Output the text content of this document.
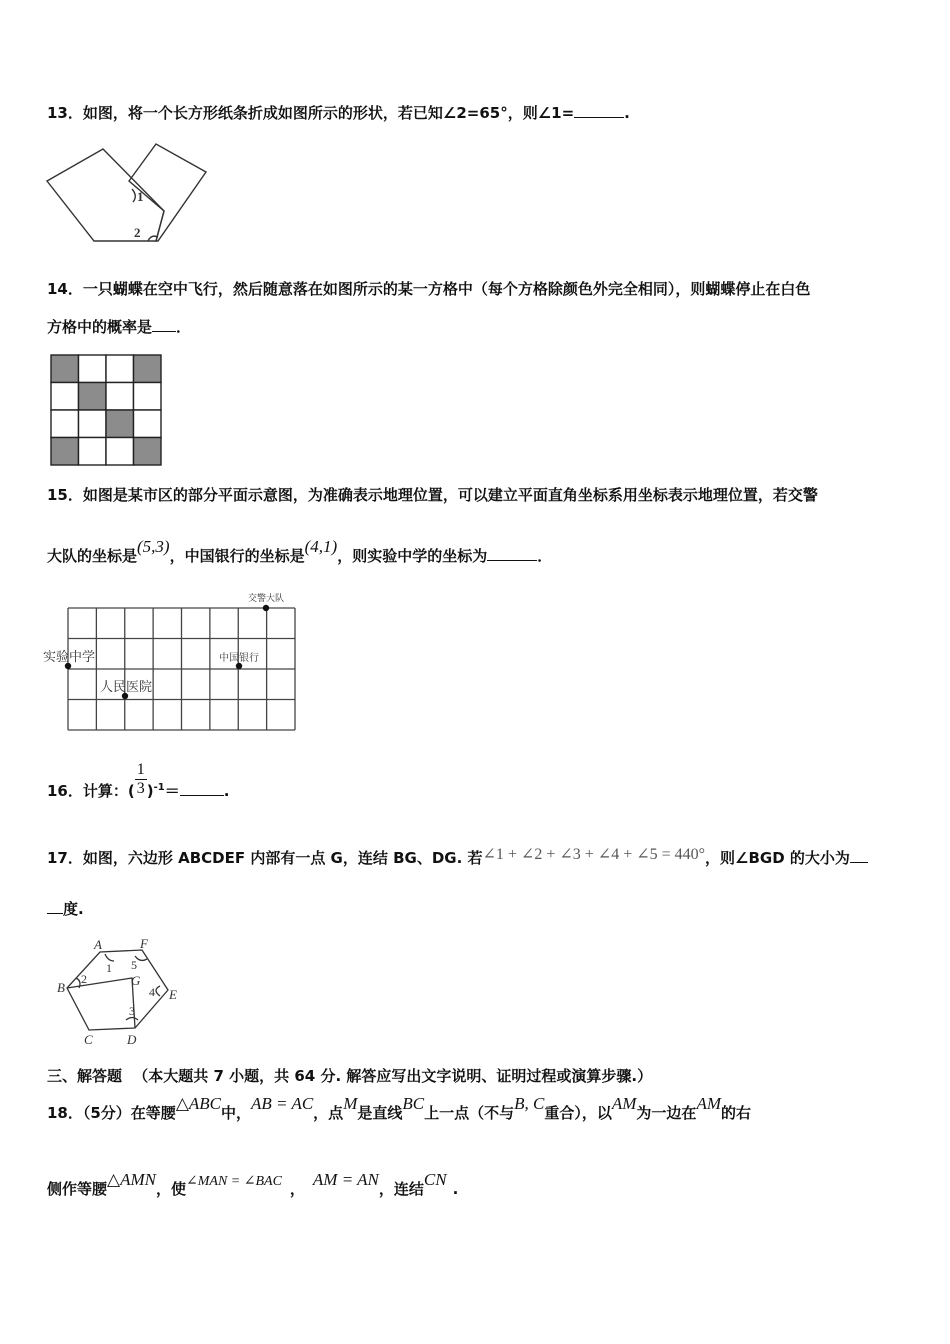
13．如图，将一个长方形纸条折成如图所示的形状，若已知∠2=65°，则∠1=	.
1
2
14．一只蝴蝶在空中飞行，然后随意落在如图所示的某一方格中（每个方格除颜色外完全相同），则蝴蝶停止在白色
方格中的概率是 ．
15．如图是某市区的部分平面示意图，为准确表示地理位置，可以建立平面直角坐标系用坐标表示地理位置，若交警
大队的坐标是(5,3)，中国银行的坐标是(4,1)，则实验中学的坐标为	．
交警大队
实验中学	中国银行
人民医院
16．计算：( $\frac{1}{3} )^{-1}=$	.
17．如图，六边形 ABCDEF 内部有一点 G，连结 BG、DG. 若∠1 + ∠2 + ∠3 + ∠4 + ∠5 = 440°，则∠BGD 的大小为
度.
A	F
B	E
C	D
G
1
2
3
4
5
三、解答题 （本大题共 7 小题，共 64 分. 解答应写出文字说明、证明过程或演算步骤.）
18．（5分）在等腰△ABC中，AB = AC，点M是直线BC上一点（不与B, C重合），以AM为一边在AM的右
侧作等腰△AMN，使∠MAN = ∠BAC ， AM = AN，连结CN .
